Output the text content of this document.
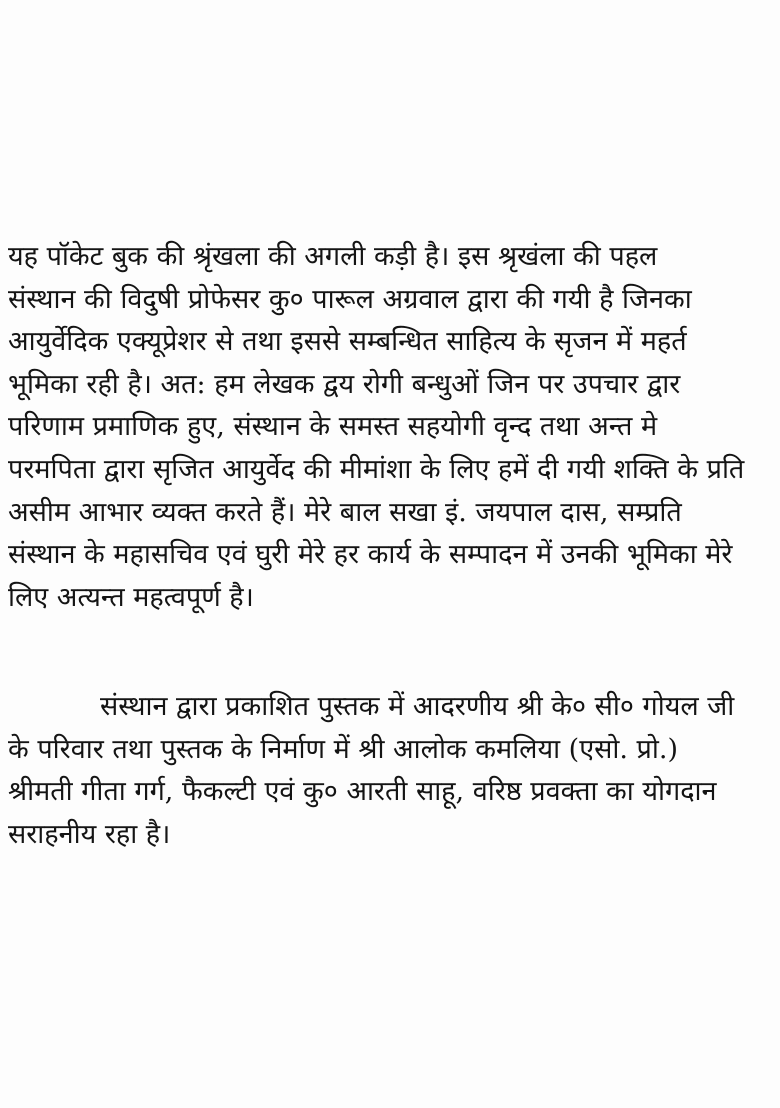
यह पॉकेट बुक की श्रृंखला की अगली कड़ी है। इस श्रृखंला की पहल
संस्थान की विदुषी प्रोफेसर कु० पारूल अग्रवाल द्वारा की गयी है जिनका
आयुर्वेदिक एक्यूप्रेशर से तथा इससे सम्बन्धित साहित्य के सृजन में महर्त
भूमिका रही है। अत: हम लेखक द्वय रोगी बन्धुओं जिन पर उपचार द्वार
परिणाम प्रमाणिक हुए, संस्थान के समस्त सहयोगी वृन्द तथा अन्त मे
परमपिता द्वारा सृजित आयुर्वेद की मीमांशा के लिए हमें दी गयी शक्ति के प्रति
असीम आभार व्यक्त करते हैं। मेरे बाल सखा इं. जयपाल दास, सम्प्रति
संस्थान के महासचिव एवं घुरी मेरे हर कार्य के सम्पादन में उनकी भूमिका मेरे
लिए अत्यन्त महत्वपूर्ण है।
संस्थान द्वारा प्रकाशित पुस्तक में आदरणीय श्री के० सी० गोयल जी
के परिवार तथा पुस्तक के निर्माण में श्री आलोक कमलिया (एसो. प्रो.)
श्रीमती गीता गर्ग, फैकल्टी एवं कु० आरती साहू, वरिष्ठ प्रवक्ता का योगदान
सराहनीय रहा है।
